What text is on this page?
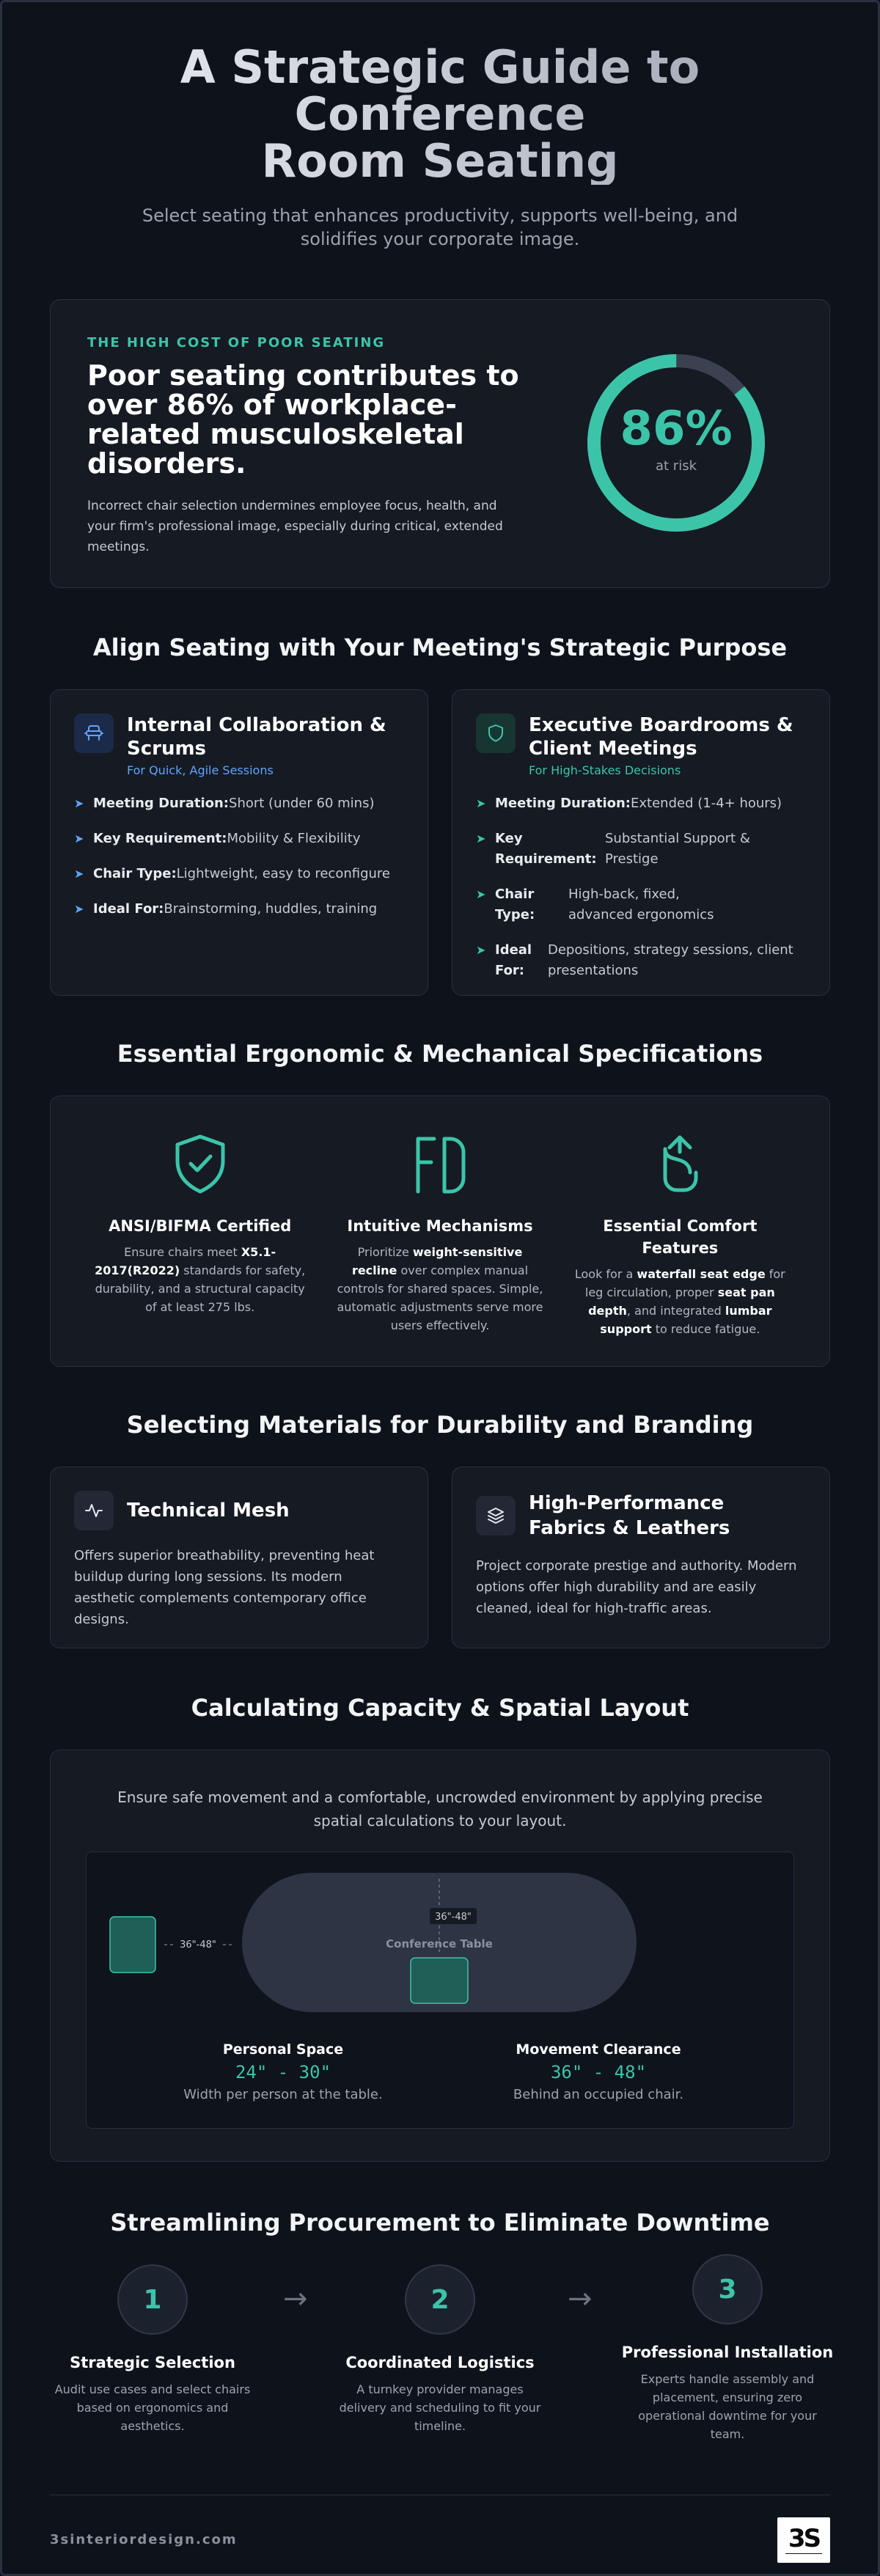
A Strategic Guide to Conference
Room Seating

Select seating that enhances productivity, supports well-being, and solidifies your corporate image.

THE HIGH COST OF POOR SEATING
Poor seating contributes to over 86% of workplace-related musculoskeletal disorders.

Incorrect chair selection undermines employee focus, health, and your firm's professional image, especially during critical, extended meetings.

86%
at risk
Align Seating with Your Meeting's Strategic Purpose
Internal Collaboration & Scrums
For Quick, Agile Sessions
➤ Meeting Duration:Short (under 60 mins)
➤ Key Requirement:Mobility & Flexibility
➤ Chair Type:Lightweight, easy to reconfigure
➤ Ideal For:Brainstorming, huddles, training
Executive Boardrooms & Client Meetings
For High-Stakes Decisions
➤ Meeting Duration: Extended (1-4+ hours)
➤ Key Requirement:
Substantial Support & Prestige
➤ Chair Type:
High-back, fixed, advanced ergonomics
➤ Ideal For:
Depositions, strategy sessions, client presentations
Essential Ergonomic & Mechanical Specifications
ANSI/BIFMA Certified

Ensure chairs meet X5.1-2017(R2022) standards for safety, durability, and a structural capacity of at least 275 lbs.

Intuitive Mechanisms

Prioritize weight-sensitive recline over complex manual controls for shared spaces. Simple, automatic adjustments serve more users effectively.

Essential Comfort
Features

Look for a waterfall seat edge for leg circulation, proper seat pan depth, and integrated lumbar support to reduce fatigue.

Selecting Materials for Durability and Branding
Technical Mesh

Offers superior breathability, preventing heat buildup during long sessions. Its modern aesthetic complements contemporary office designs.

High-Performance Fabrics & Leathers

Project corporate prestige and authority. Modern options offer high durability and are easily cleaned, ideal for high-traffic areas.

Calculating Capacity & Spatial Layout

Ensure safe movement and a comfortable, uncrowded environment by applying precise spatial calculations to your layout.

Conference Table
36"-48"
36"-48"
Personal Space
24" - 30"
Width per person at the table.
Movement Clearance
36" - 48"
Behind an occupied chair.
Streamlining Procurement to Eliminate Downtime
1
Strategic Selection

Audit use cases and select chairs based on ergonomics and aesthetics.

→	2
Coordinated Logistics

A turnkey provider manages delivery and scheduling to fit your timeline.

→	3
Professional Installation

Experts handle assembly and placement, ensuring zero operational downtime for your team.

3sinteriordesign.com	3S
